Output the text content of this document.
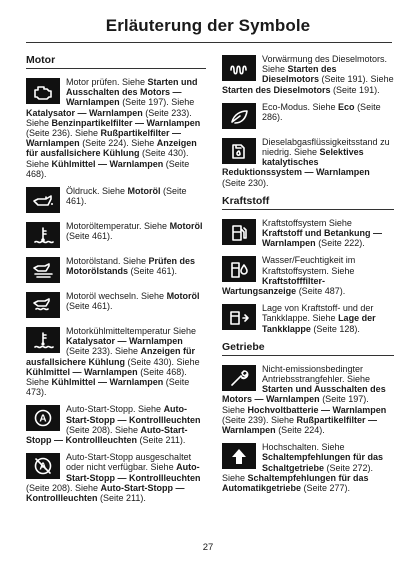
Erläuterung der Symbole
Motor
Motor prüfen. Siehe Starten und Ausschalten des Motors — Warnlampen (Seite 197). Siehe Katalysator — Warnlampen (Seite 233). Siehe Benzinpartikelfilter — Warnlampen (Seite 236). Siehe Rußpartikelfilter — Warnlampen (Seite 224). Siehe Anzeigen für ausfallsichere Kühlung (Seite 430). Siehe Kühlmittel — Warnlampen (Seite 468).
Öldruck. Siehe Motoröl (Seite 461).
Motoröltemperatur. Siehe Motoröl (Seite 461).
Motorölstand. Siehe Prüfen des Motorölstands (Seite 461).
Motoröl wechseln. Siehe Motoröl (Seite 461).
Motorkühlmitteltemperatur Siehe Katalysator — Warnlampen (Seite 233). Siehe Anzeigen für ausfallsichere Kühlung (Seite 430). Siehe Kühlmittel — Warnlampen (Seite 468). Siehe Kühlmittel — Warnlampen (Seite 473).
A
Auto-Start-Stopp. Siehe Auto-Start-Stopp — Kontrollleuchten (Seite 208). Siehe Auto-Start-Stopp — Kontrollleuchten (Seite 211).
A
Auto-Start-Stopp ausgeschaltet oder nicht verfügbar. Siehe Auto-Start-Stopp — Kontrollleuchten (Seite 208). Siehe Auto-Start-Stopp — Kontrollleuchten (Seite 211).
Vorwärmung des Dieselmotors. Siehe Starten des Dieselmotors (Seite 191). Siehe Starten des Dieselmotors (Seite 191).
Eco-Modus. Siehe Eco (Seite 286).
Dieselabgasflüssigkeitsstand zu niedrig. Siehe Selektives katalytisches Reduktionssystem — Warnlampen (Seite 230).
Kraftstoff
Kraftstoffsystem Siehe Kraftstoff und Betankung — Warnlampen (Seite 222).
Wasser/Feuchtigkeit im Kraftstoffsystem. Siehe Kraftstofffilter-Wartungsanzeige (Seite 487).
Lage von Kraftstoff- und der Tankklappe. Siehe Lage der Tankklappe (Seite 128).
Getriebe
Nicht-emissionsbedingter Antriebsstrangfehler. Siehe Starten und Ausschalten des Motors — Warnlampen (Seite 197). Siehe Hochvoltbatterie — Warnlampen (Seite 239). Siehe Rußpartikelfilter — Warnlampen (Seite 224).
Hochschalten. Siehe Schaltempfehlungen für das Schaltgetriebe (Seite 272). Siehe Schaltempfehlungen für das Automatikgetriebe (Seite 277).
27
